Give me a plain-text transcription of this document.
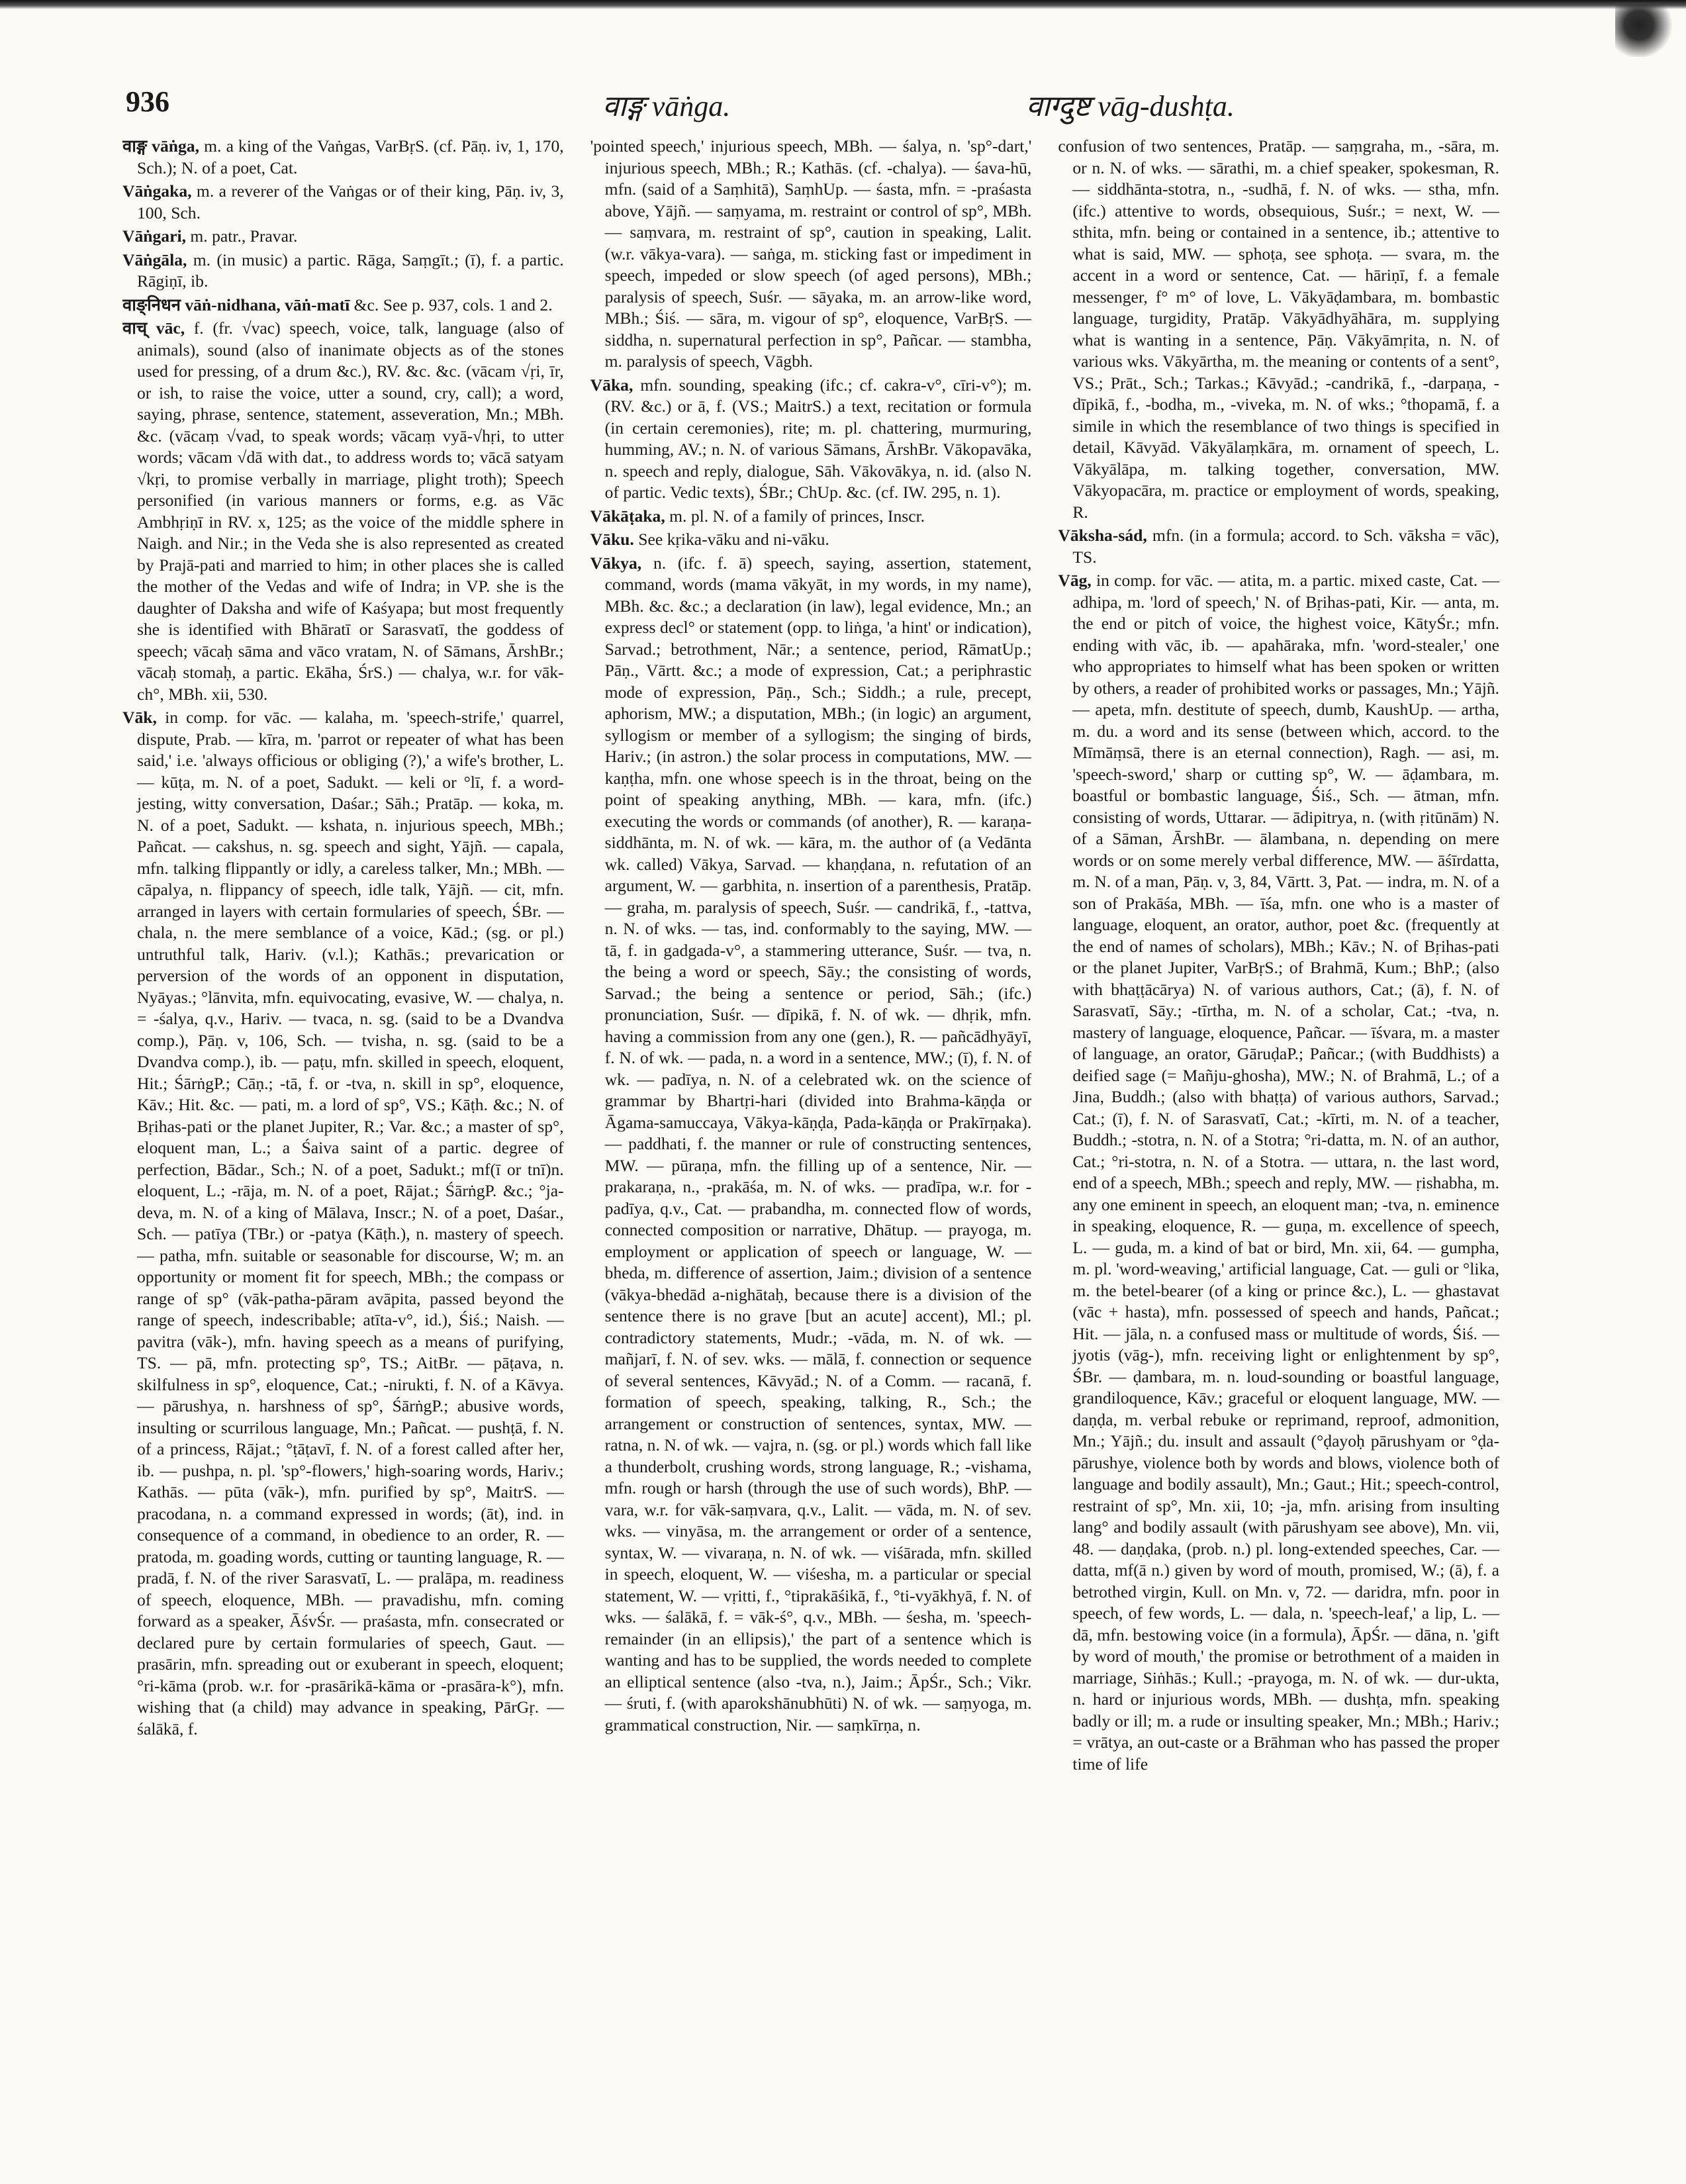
936	वाङ्ग vāṅga.	वाग्दुष्ट vāg-dushṭa.

वाङ्ग vāṅga, m. a king of the Vaṅgas, VarBṛS. (cf. Pāṇ. iv, 1, 170, Sch.); N. of a poet, Cat.

Vāṅgaka, m. a reverer of the Vaṅgas or of their king, Pāṇ. iv, 3, 100, Sch.

Vāṅgari, m. patr., Pravar.

Vāṅgāla, m. (in music) a partic. Rāga, Saṃgīt.; (ī), f. a partic. Rāgiṇī, ib.

वाङ्निधन vāṅ-nidhana, vāṅ-matī &c. See p. 937, cols. 1 and 2.

वाच् vāc, f. (fr. √vac) speech, voice, talk, language (also of animals), sound (also of inanimate objects as of the stones used for pressing, of a drum &c.), RV. &c. &c. (vācam √ṛi, īr, or ish, to raise the voice, utter a sound, cry, call); a word, saying, phrase, sentence, statement, asseveration, Mn.; MBh. &c. (vācaṃ √vad, to speak words; vācaṃ vyā-√hṛi, to utter words; vācam √dā with dat., to address words to; vācā satyam √kṛi, to promise verbally in marriage, plight troth); Speech personified (in various manners or forms, e.g. as Vāc Ambhṛiṇī in RV. x, 125; as the voice of the middle sphere in Naigh. and Nir.; in the Veda she is also represented as created by Prajā-pati and married to him; in other places she is called the mother of the Vedas and wife of Indra; in VP. she is the daughter of Daksha and wife of Kaśyapa; but most frequently she is identified with Bhāratī or Sarasvatī, the goddess of speech; vācaḥ sāma and vāco vratam, N. of Sāmans, ĀrshBr.; vācaḥ stomaḥ, a partic. Ekāha, ŚrS.) — chalya, w.r. for vāk-ch°, MBh. xii, 530.

Vāk, in comp. for vāc. — kalaha, m. 'speech-strife,' quarrel, dispute, Prab. — kīra, m. 'parrot or repeater of what has been said,' i.e. 'always officious or obliging (?),' a wife's brother, L. — kūṭa, m. N. of a poet, Sadukt. — keli or °lī, f. a word-jesting, witty conversation, Daśar.; Sāh.; Pratāp. — koka, m. N. of a poet, Sadukt. — kshata, n. injurious speech, MBh.; Pañcat. — cakshus, n. sg. speech and sight, Yājñ. — capala, mfn. talking flippantly or idly, a careless talker, Mn.; MBh. — cāpalya, n. flippancy of speech, idle talk, Yājñ. — cit, mfn. arranged in layers with certain formularies of speech, ŚBr. — chala, n. the mere semblance of a voice, Kād.; (sg. or pl.) untruthful talk, Hariv. (v.l.); Kathās.; prevarication or perversion of the words of an opponent in disputation, Nyāyas.; °lānvita, mfn. equivocating, evasive, W. — chalya, n. = -śalya, q.v., Hariv. — tvaca, n. sg. (said to be a Dvandva comp.), Pāṇ. v, 106, Sch. — tvisha, n. sg. (said to be a Dvandva comp.), ib. — paṭu, mfn. skilled in speech, eloquent, Hit.; ŚārṅgP.; Cāṇ.; -tā, f. or -tva, n. skill in sp°, eloquence, Kāv.; Hit. &c. — pati, m. a lord of sp°, VS.; Kāṭh. &c.; N. of Bṛihas-pati or the planet Jupiter, R.; Var. &c.; a master of sp°, eloquent man, L.; a Śaiva saint of a partic. degree of perfection, Bādar., Sch.; N. of a poet, Sadukt.; mf(ī or tnī)n. eloquent, L.; -rāja, m. N. of a poet, Rājat.; ŚārṅgP. &c.; °ja-deva, m. N. of a king of Mālava, Inscr.; N. of a poet, Daśar., Sch. — patīya (TBr.) or -patya (Kāṭh.), n. mastery of speech. — patha, mfn. suitable or seasonable for discourse, W; m. an opportunity or moment fit for speech, MBh.; the compass or range of sp° (vāk-patha-pāram avāpita, passed beyond the range of speech, indescribable; atīta-v°, id.), Śiś.; Naish. — pavitra (vāk-), mfn. having speech as a means of purifying, TS. — pā, mfn. protecting sp°, TS.; AitBr. — pāṭava, n. skilfulness in sp°, eloquence, Cat.; -nirukti, f. N. of a Kāvya. — pārushya, n. harshness of sp°, ŚārṅgP.; abusive words, insulting or scurrilous language, Mn.; Pañcat. — pushṭā, f. N. of a princess, Rājat.; °ṭāṭavī, f. N. of a forest called after her, ib. — pushpa, n. pl. 'sp°-flowers,' high-soaring words, Hariv.; Kathās. — pūta (vāk-), mfn. purified by sp°, MaitrS. — pracodana, n. a command expressed in words; (āt), ind. in consequence of a command, in obedience to an order, R. — pratoda, m. goading words, cutting or taunting language, R. — pradā, f. N. of the river Sarasvatī, L. — pralāpa, m. readiness of speech, eloquence, MBh. — pravadishu, mfn. coming forward as a speaker, ĀśvŚr. — praśasta, mfn. consecrated or declared pure by certain formularies of speech, Gaut. — prasārin, mfn. spreading out or exuberant in speech, eloquent; °ri-kāma (prob. w.r. for -prasārikā-kāma or -prasāra-k°), mfn. wishing that (a child) may advance in speaking, PārGṛ. — śalākā, f.

'pointed speech,' injurious speech, MBh. — śalya, n. 'sp°-dart,' injurious speech, MBh.; R.; Kathās. (cf. -chalya). — śava-hū, mfn. (said of a Saṃhitā), SaṃhUp. — śasta, mfn. = -praśasta above, Yājñ. — saṃyama, m. restraint or control of sp°, MBh. — saṃvara, m. restraint of sp°, caution in speaking, Lalit. (w.r. vākya-vara). — saṅga, m. sticking fast or impediment in speech, impeded or slow speech (of aged persons), MBh.; paralysis of speech, Suśr. — sāyaka, m. an arrow-like word, MBh.; Śiś. — sāra, m. vigour of sp°, eloquence, VarBṛS. — siddha, n. supernatural perfection in sp°, Pañcar. — stambha, m. paralysis of speech, Vāgbh.

Vāka, mfn. sounding, speaking (ifc.; cf. cakra-v°, cīri-v°); m. (RV. &c.) or ā, f. (VS.; MaitrS.) a text, recitation or formula (in certain ceremonies), rite; m. pl. chattering, murmuring, humming, AV.; n. N. of various Sāmans, ĀrshBr. Vākopavāka, n. speech and reply, dialogue, Sāh. Vākovākya, n. id. (also N. of partic. Vedic texts), ŚBr.; ChUp. &c. (cf. IW. 295, n. 1).

Vākāṭaka, m. pl. N. of a family of princes, Inscr.

Vāku. See kṛika-vāku and ni-vāku.

Vākya, n. (ifc. f. ā) speech, saying, assertion, statement, command, words (mama vākyāt, in my words, in my name), MBh. &c. &c.; a declaration (in law), legal evidence, Mn.; an express decl° or statement (opp. to liṅga, 'a hint' or indication), Sarvad.; betrothment, Nār.; a sentence, period, RāmatUp.; Pāṇ., Vārtt. &c.; a mode of expression, Cat.; a periphrastic mode of expression, Pāṇ., Sch.; Siddh.; a rule, precept, aphorism, MW.; a disputation, MBh.; (in logic) an argument, syllogism or member of a syllogism; the singing of birds, Hariv.; (in astron.) the solar process in computations, MW. — kaṇṭha, mfn. one whose speech is in the throat, being on the point of speaking anything, MBh. — kara, mfn. (ifc.) executing the words or commands (of another), R. — karaṇa-siddhānta, m. N. of wk. — kāra, m. the author of (a Vedānta wk. called) Vākya, Sarvad. — khaṇḍana, n. refutation of an argument, W. — garbhita, n. insertion of a parenthesis, Pratāp. — graha, m. paralysis of speech, Suśr. — candrikā, f., -tattva, n. N. of wks. — tas, ind. conformably to the saying, MW. — tā, f. in gadgada-v°, a stammering utterance, Suśr. — tva, n. the being a word or speech, Sāy.; the consisting of words, Sarvad.; the being a sentence or period, Sāh.; (ifc.) pronunciation, Suśr. — dīpikā, f. N. of wk. — dhṛik, mfn. having a commission from any one (gen.), R. — pañcādhyāyī, f. N. of wk. — pada, n. a word in a sentence, MW.; (ī), f. N. of wk. — padīya, n. N. of a celebrated wk. on the science of grammar by Bhartṛi-hari (divided into Brahma-kāṇḍa or Āgama-samuccaya, Vākya-kāṇḍa, Pada-kāṇḍa or Prakīrṇaka). — paddhati, f. the manner or rule of constructing sentences, MW. — pūraṇa, mfn. the filling up of a sentence, Nir. — prakaraṇa, n., -prakāśa, m. N. of wks. — pradīpa, w.r. for -padīya, q.v., Cat. — prabandha, m. connected flow of words, connected composition or narrative, Dhātup. — prayoga, m. employment or application of speech or language, W. — bheda, m. difference of assertion, Jaim.; division of a sentence (vākya-bhedād a-nighātaḥ, because there is a division of the sentence there is no grave [but an acute] accent), Ml.; pl. contradictory statements, Mudr.; -vāda, m. N. of wk. — mañjarī, f. N. of sev. wks. — mālā, f. connection or sequence of several sentences, Kāvyād.; N. of a Comm. — racanā, f. formation of speech, speaking, talking, R., Sch.; the arrangement or construction of sentences, syntax, MW. — ratna, n. N. of wk. — vajra, n. (sg. or pl.) words which fall like a thunderbolt, crushing words, strong language, R.; -vishama, mfn. rough or harsh (through the use of such words), BhP. — vara, w.r. for vāk-saṃvara, q.v., Lalit. — vāda, m. N. of sev. wks. — vinyāsa, m. the arrangement or order of a sentence, syntax, W. — vivaraṇa, n. N. of wk. — viśārada, mfn. skilled in speech, eloquent, W. — viśesha, m. a particular or special statement, W. — vṛitti, f., °tiprakāśikā, f., °ti-vyākhyā, f. N. of wks. — śalākā, f. = vāk-ś°, q.v., MBh. — śesha, m. 'speech-remainder (in an ellipsis),' the part of a sentence which is wanting and has to be supplied, the words needed to complete an elliptical sentence (also -tva, n.), Jaim.; ĀpŚr., Sch.; Vikr. — śruti, f. (with aparokshānubhūti) N. of wk. — saṃyoga, m. grammatical construction, Nir. — saṃkīrṇa, n.

confusion of two sentences, Pratāp. — saṃgraha, m., -sāra, m. or n. N. of wks. — sārathi, m. a chief speaker, spokesman, R. — siddhānta-stotra, n., -sudhā, f. N. of wks. — stha, mfn. (ifc.) attentive to words, obsequious, Suśr.; = next, W. — sthita, mfn. being or contained in a sentence, ib.; attentive to what is said, MW. — sphoṭa, see sphoṭa. — svara, m. the accent in a word or sentence, Cat. — hāriṇī, f. a female messenger, f° m° of love, L. Vākyāḍambara, m. bombastic language, turgidity, Pratāp. Vākyādhyāhāra, m. supplying what is wanting in a sentence, Pāṇ. Vākyāmṛita, n. N. of various wks. Vākyārtha, m. the meaning or contents of a sent°, VS.; Prāt., Sch.; Tarkas.; Kāvyād.; -candrikā, f., -darpaṇa, -dīpikā, f., -bodha, m., -viveka, m. N. of wks.; °thopamā, f. a simile in which the resemblance of two things is specified in detail, Kāvyād. Vākyālaṃkāra, m. ornament of speech, L. Vākyālāpa, m. talking together, conversation, MW. Vākyopacāra, m. practice or employment of words, speaking, R.

Vāksha-sád, mfn. (in a formula; accord. to Sch. vāksha = vāc), TS.

Vāg, in comp. for vāc. — atita, m. a partic. mixed caste, Cat. — adhipa, m. 'lord of speech,' N. of Bṛihas-pati, Kir. — anta, m. the end or pitch of voice, the highest voice, KātyŚr.; mfn. ending with vāc, ib. — apahāraka, mfn. 'word-stealer,' one who appropriates to himself what has been spoken or written by others, a reader of prohibited works or passages, Mn.; Yājñ. — apeta, mfn. destitute of speech, dumb, KaushUp. — artha, m. du. a word and its sense (between which, accord. to the Mīmāṃsā, there is an eternal connection), Ragh. — asi, m. 'speech-sword,' sharp or cutting sp°, W. — āḍambara, m. boastful or bombastic language, Śiś., Sch. — ātman, mfn. consisting of words, Uttarar. — ādipitrya, n. (with ṛitūnām) N. of a Sāman, ĀrshBr. — ālambana, n. depending on mere words or on some merely verbal difference, MW. — āśīrdatta, m. N. of a man, Pāṇ. v, 3, 84, Vārtt. 3, Pat. — indra, m. N. of a son of Prakāśa, MBh. — īśa, mfn. one who is a master of language, eloquent, an orator, author, poet &c. (frequently at the end of names of scholars), MBh.; Kāv.; N. of Bṛihas-pati or the planet Jupiter, VarBṛS.; of Brahmā, Kum.; BhP.; (also with bhaṭṭācārya) N. of various authors, Cat.; (ā), f. N. of Sarasvatī, Sāy.; -tīrtha, m. N. of a scholar, Cat.; -tva, n. mastery of language, eloquence, Pañcar. — īśvara, m. a master of language, an orator, GāruḍaP.; Pañcar.; (with Buddhists) a deified sage (= Mañju-ghosha), MW.; N. of Brahmā, L.; of a Jina, Buddh.; (also with bhaṭṭa) of various authors, Sarvad.; Cat.; (ī), f. N. of Sarasvatī, Cat.; -kīrti, m. N. of a teacher, Buddh.; -stotra, n. N. of a Stotra; °ri-datta, m. N. of an author, Cat.; °ri-stotra, n. N. of a Stotra. — uttara, n. the last word, end of a speech, MBh.; speech and reply, MW. — ṛishabha, m. any one eminent in speech, an eloquent man; -tva, n. eminence in speaking, eloquence, R. — guṇa, m. excellence of speech, L. — guda, m. a kind of bat or bird, Mn. xii, 64. — gumpha, m. pl. 'word-weaving,' artificial language, Cat. — guli or °lika, m. the betel-bearer (of a king or prince &c.), L. — ghastavat (vāc + hasta), mfn. possessed of speech and hands, Pañcat.; Hit. — jāla, n. a confused mass or multitude of words, Śiś. — jyotis (vāg-), mfn. receiving light or enlightenment by sp°, ŚBr. — ḍambara, m. n. loud-sounding or boastful language, grandiloquence, Kāv.; graceful or eloquent language, MW. — daṇḍa, m. verbal rebuke or reprimand, reproof, admonition, Mn.; Yājñ.; du. insult and assault (°ḍayoḥ pārushyam or °ḍa-pārushye, violence both by words and blows, violence both of language and bodily assault), Mn.; Gaut.; Hit.; speech-control, restraint of sp°, Mn. xii, 10; -ja, mfn. arising from insulting lang° and bodily assault (with pārushyam see above), Mn. vii, 48. — daṇḍaka, (prob. n.) pl. long-extended speeches, Car. — datta, mf(ā n.) given by word of mouth, promised, W.; (ā), f. a betrothed virgin, Kull. on Mn. v, 72. — daridra, mfn. poor in speech, of few words, L. — dala, n. 'speech-leaf,' a lip, L. — dā, mfn. bestowing voice (in a formula), ĀpŚr. — dāna, n. 'gift by word of mouth,' the promise or betrothment of a maiden in marriage, Siṅhās.; Kull.; -prayoga, m. N. of wk. — dur-ukta, n. hard or injurious words, MBh. — dushṭa, mfn. speaking badly or ill; m. a rude or insulting speaker, Mn.; MBh.; Hariv.; = vrātya, an out-caste or a Brāhman who has passed the proper time of life
